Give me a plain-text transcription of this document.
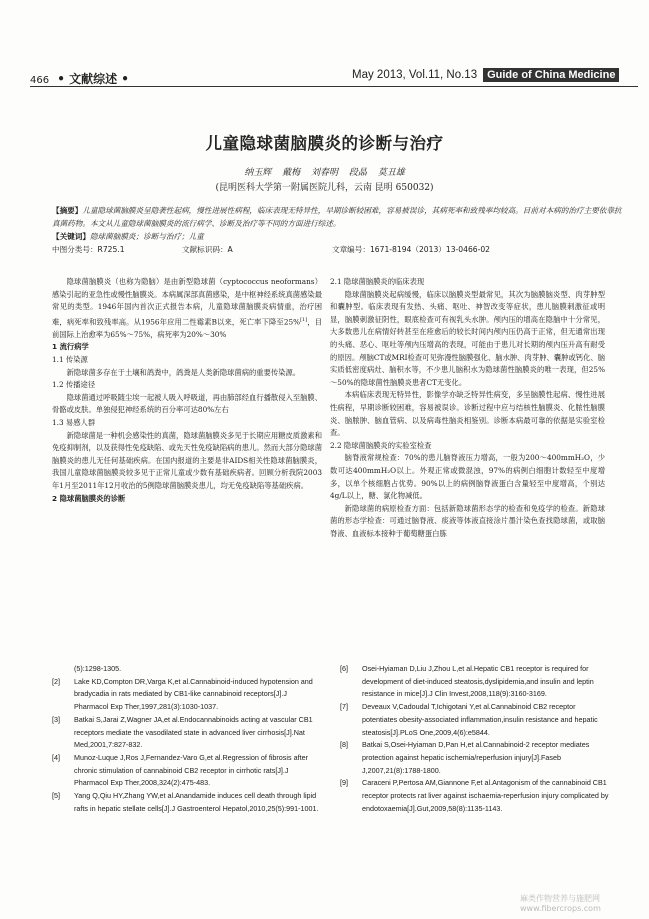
466 • 文献综述 •	May 2013, Vol.11, No.13 Guide of China Medicine
儿童隐球菌脑膜炎的诊断与治疗
纳玉辉 戴梅 刘春明 段晶 莫丑雄
(昆明医科大学第一附属医院儿科，云南 昆明 650032)
【摘要】儿童隐球菌脑膜炎呈隐袭性起病，慢性进展性病程，临床表现无特异性，早期诊断较困难，容易被误诊，其病死率和致残率均较高。目前对本病的治疗主要依靠抗真菌药物。本文从儿童隐球菌脑膜炎的流行病学、诊断及治疗等不同的方面进行综述。
【关键词】隐球菌脑膜炎；诊断与治疗；儿童
中图分类号：R725.1	文献标识码：A	文章编号：1671-8194（2013）13-0466-02

隐球菌脑膜炎（也称为隐脑）是由新型隐球菌（cyptococcus neoformans）感染引起的亚急性或慢性脑膜炎。本病属深部真菌感染，是中枢神经系统真菌感染最常见的类型。1946年国内首次正式报告本病，儿童隐球菌脑膜炎病情重，治疗困难，病死率和致残率高。从1956年应用二性霉素B以来，死亡率下降至25%[1]，目前国际上治愈率为65%～75%，病死率为20%～30%

1 流行病学

1.1 传染源

新隐球菌多存在于土壤和鸽粪中，鸽粪是人类新隐球菌病的重要传染源。

1.2 传播途径

隐球菌通过呼吸随尘埃一起被人吸入呼吸道，再由肺部经血行播散侵入至脑膜、骨骼或皮肤。单独侵犯神经系统的百分率可达80%左右

1.3 易感人群

新隐球菌是一种机会感染性的真菌，隐球菌脑膜炎多见于长期应用糖皮质激素和免疫抑制剂，以及获得性免疫缺陷、或先天性免疫缺陷病的患儿。然而大部分隐球菌脑膜炎的患儿无任何基础疾病。在国内报道的主要是非AIDS相关性隐球菌脑膜炎，我国儿童隐球菌脑膜炎较多见于正常儿童或少数有基础疾病者。回顾分析我院2003年1月至2011年12月收治的5例隐球菌脑膜炎患儿，均无免疫缺陷等基础疾病。

2 隐球菌脑膜炎的诊断

2.1 隐球菌脑膜炎的临床表现

隐球菌脑膜炎起病缓慢，临床以脑膜炎型最常见，其次为脑膜脑炎型、肉芽肿型和囊肿型。临床表现有发热、头痛、呕吐、神智改变等症状，患儿脑膜刺激征或明显，脑膜刺激征阴性，眼底检查可有视乳头水肿。颅内压的增高在隐脑中十分常见，大多数患儿在病情好转甚至在痊愈后的较长时间内颅内压仍高于正常，但无通常出现的头痛、恶心、呕吐等颅内压增高的表现，可能由于患儿对长期的颅内压升高有耐受的原因。颅脑CT或MRI检查可见弥漫性脑膜强化、脑水肿、肉芽肿、囊肿或钙化、脑实质低密度病灶、脑积水等，不少患儿脑积水为隐球菌性脑膜炎的唯一表现，但25%～50%的隐球菌性脑膜炎患者CT无变化。

本病临床表现无特异性，影像学亦缺乏特异性病变，多呈脑膜性起病、慢性进展性病程，早期诊断较困难，容易被误诊。诊断过程中应与结核性脑膜炎、化脓性脑膜炎、脑脓肿、脑血管病、以及病毒性脑炎相鉴别。诊断本病最可靠的依据是实验室检查。

2.2 隐球菌脑膜炎的实验室检查

脑脊液常规检查：70%的患儿脑脊液压力增高，一般为200～400mmH₂O，少数可达400mmH₂O以上。外观正常或微混浊，97%的病例白细胞计数轻至中度增多，以单个核细胞占优势。90%以上的病例脑脊液蛋白含量轻至中度增高，个别达4g/L以上，糖、氯化物减低。

新隐球菌的病原检查方面：包括新隐球菌形态学的检查和免疫学的检查。新隐球菌的形态学检查：可通过脑脊液、痰液等体液直接涂片墨汁染色查找隐球菌，或取脑脊液、血液标本接种于葡萄糖蛋白胨

(5):1298-1305.
[2]	Lake KD,Compton DR,Varga K,et al.Cannabinoid-induced hypotension and bradycadia in rats mediated by CB1-like cannabinoid receptors[J].J Pharmacol Exp Ther,1997,281(3):1030-1037.
[3]	Batkai S,Jarai Z,Wagner JA,et al.Endocannabinoids acting at vascular CB1 receptors mediate the vasodilated state in advanced liver cirrhosis[J].Nat Med,2001,7:827-832.
[4]	Munoz-Luque J,Ros J,Fernandez-Varo G,et al.Regression of fibrosis after chronic stimulation of cannabinoid CB2 receptor in cirrhotic rats[J].J Pharmacol Exp Ther,2008,324(2):475-483.
[5]	Yang Q,Qiu HY,Zhang YW,et al.Anandamide induces cell death through lipid rafts in hepatic stellate cells[J].J Gastroenterol Hepatol,2010,25(5):991-1001.
[6]	Osei-Hyiaman D,Liu J,Zhou L,et al.Hepatic CB1 receptor is required for development of diet-induced steatosis,dyslipidemia,and insulin and leptin resistance in mice[J].J Clin Invest,2008,118(9):3160-3169.
[7]	Deveaux V,Cadoudal T,Ichigotani Y,et al.Cannabinoid CB2 receptor potentiates obesity-associated inflammation,insulin resistance and hepatic steatosis[J].PLoS One,2009,4(6):e5844.
[8]	Batkai S,Osei-Hyiaman D,Pan H,et al.Cannabinoid-2 receptor mediates protection against hepatic ischemia/reperfusion injury[J].Faseb J,2007,21(8):1788-1800.
[9]	Caraceni P,Pertosa AM,Giannone F,et al.Antagonism of the cannabinoid CB1 receptor protects rat liver against ischaemia-reperfusion injury complicated by endotoxaemia[J].Gut,2009,58(8):1135-1143.
麻类作物营养与施肥网 www.fibercrops.com
